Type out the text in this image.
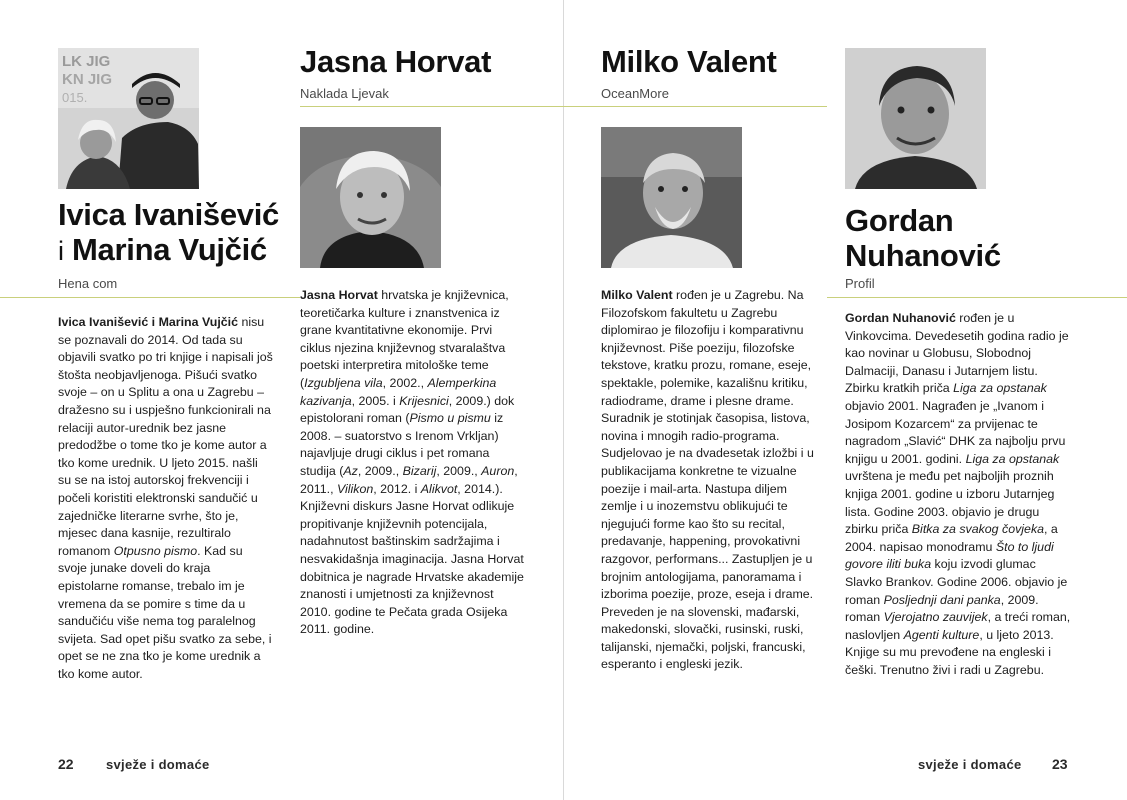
LK JIG
KN JIG
015.
Ivica Ivanišević
i Marina Vujčić

Hena com

Ivica Ivanišević i Marina Vujčić nisu se poznavali do 2014. Od tada su objavili svatko po tri knjige i napisali još štošta neobjavljenoga. Pišući svatko svoje – on u Splitu a ona u Zagrebu – dražesno su i uspješno funkcionirali na relaciji autor-urednik bez jasne predodžbe o tome tko je kome autor a tko kome urednik. U ljeto 2015. našli su se na istoj autorskoj frekvenciji i počeli koristiti elektronski sandučić u zajedničke literarne svrhe, što je, mjesec dana kasnije, rezultiralo romanom Otpusno pismo. Kad su svoje junake doveli do kraja epistolarne romanse, trebalo im je vremena da se pomire s time da u sandučiću više nema tog paralelnog svijeta. Sad opet pišu svatko za sebe, i opet se ne zna tko je kome urednik a tko kome autor.

Jasna Horvat

Naklada Ljevak

Jasna Horvat hrvatska je književnica, teoretičarka kulture i znanstvenica iz grane kvantitativne ekonomije. Prvi ciklus njezina književnog stvaralaštva poetski interpretira mitološke teme (Izgubljena vila, 2002., Alemperkina kazivanja, 2005. i Krijesnici, 2009.) dok epistolorani roman (Pismo u pismu iz 2008. – suatorstvo s Irenom Vrkljan) najavljuje drugi ciklus i pet romana studija (Az, 2009., Bizarij, 2009., Auron, 2011., Vilikon, 2012. i Alikvot, 2014.). Književni diskurs Jasne Horvat odlikuje propitivanje književnih potencijala, nadahnutost baštinskim sadržajima i nesvakidašnja imaginacija. Jasna Horvat dobitnica je nagrade Hrvatske akademije znanosti i umjetnosti za književnost 2010. godine te Pečata grada Osijeka 2011. godine.

Milko Valent

OceanMore

Milko Valent rođen je u Zagrebu. Na Filozofskom fakultetu u Zagrebu diplomirao je filozofiju i komparativnu književnost. Piše poeziju, filozofske tekstove, kratku prozu, romane, eseje, spektakle, polemike, kazališnu kritiku, radiodrame, drame i plesne drame. Suradnik je stotinjak časopisa, listova, novina i mnogih radio-programa. Sudjelovao je na dvadesetak izložbi i u publikacijama konkretne te vizualne poezije i mail-arta. Nastupa diljem zemlje i u inozemstvu oblikujući te njegujući forme kao što su recital, predavanje, happening, provokativni razgovor, performans... Zastupljen je u brojnim antologijama, panoramama i izborima poezije, proze, eseja i drame. Preveden je na slovenski, mađarski, makedonski, slovački, rusinski, ruski, talijanski, njemački, poljski, francuski, esperanto i engleski jezik.

Gordan
Nuhanović

Profil

Gordan Nuhanović rođen je u Vinkovcima. Devedesetih godina radio je kao novinar u Globusu, Slobodnoj Dalmaciji, Danasu i Jutarnjem listu. Zbirku kratkih priča Liga za opstanak objavio 2001. Nagrađen je „Ivanom i Josipom Kozarcem“ za prvijenac te nagradom „Slavić“ DHK za najbolju prvu knjigu u 2001. godini. Liga za opstanak uvrštena je među pet najboljih proznih knjiga 2001. godine u izboru Jutarnjeg lista. Godine 2003. objavio je drugu zbirku priča Bitka za svakog čovjeka, a 2004. napisao monodramu Što to ljudi govore iliti buka koju izvodi glumac Slavko Brankov. Godine 2006. objavio je roman Posljednji dani panka, 2009. roman Vjerojatno zauvijek, a treći roman, naslovljen Agenti kulture, u ljeto 2013. Knjige su mu prevođene na engleski i češki. Trenutno živi i radi u Zagrebu.

22 svježe i domaće	svježe i domaće 23
